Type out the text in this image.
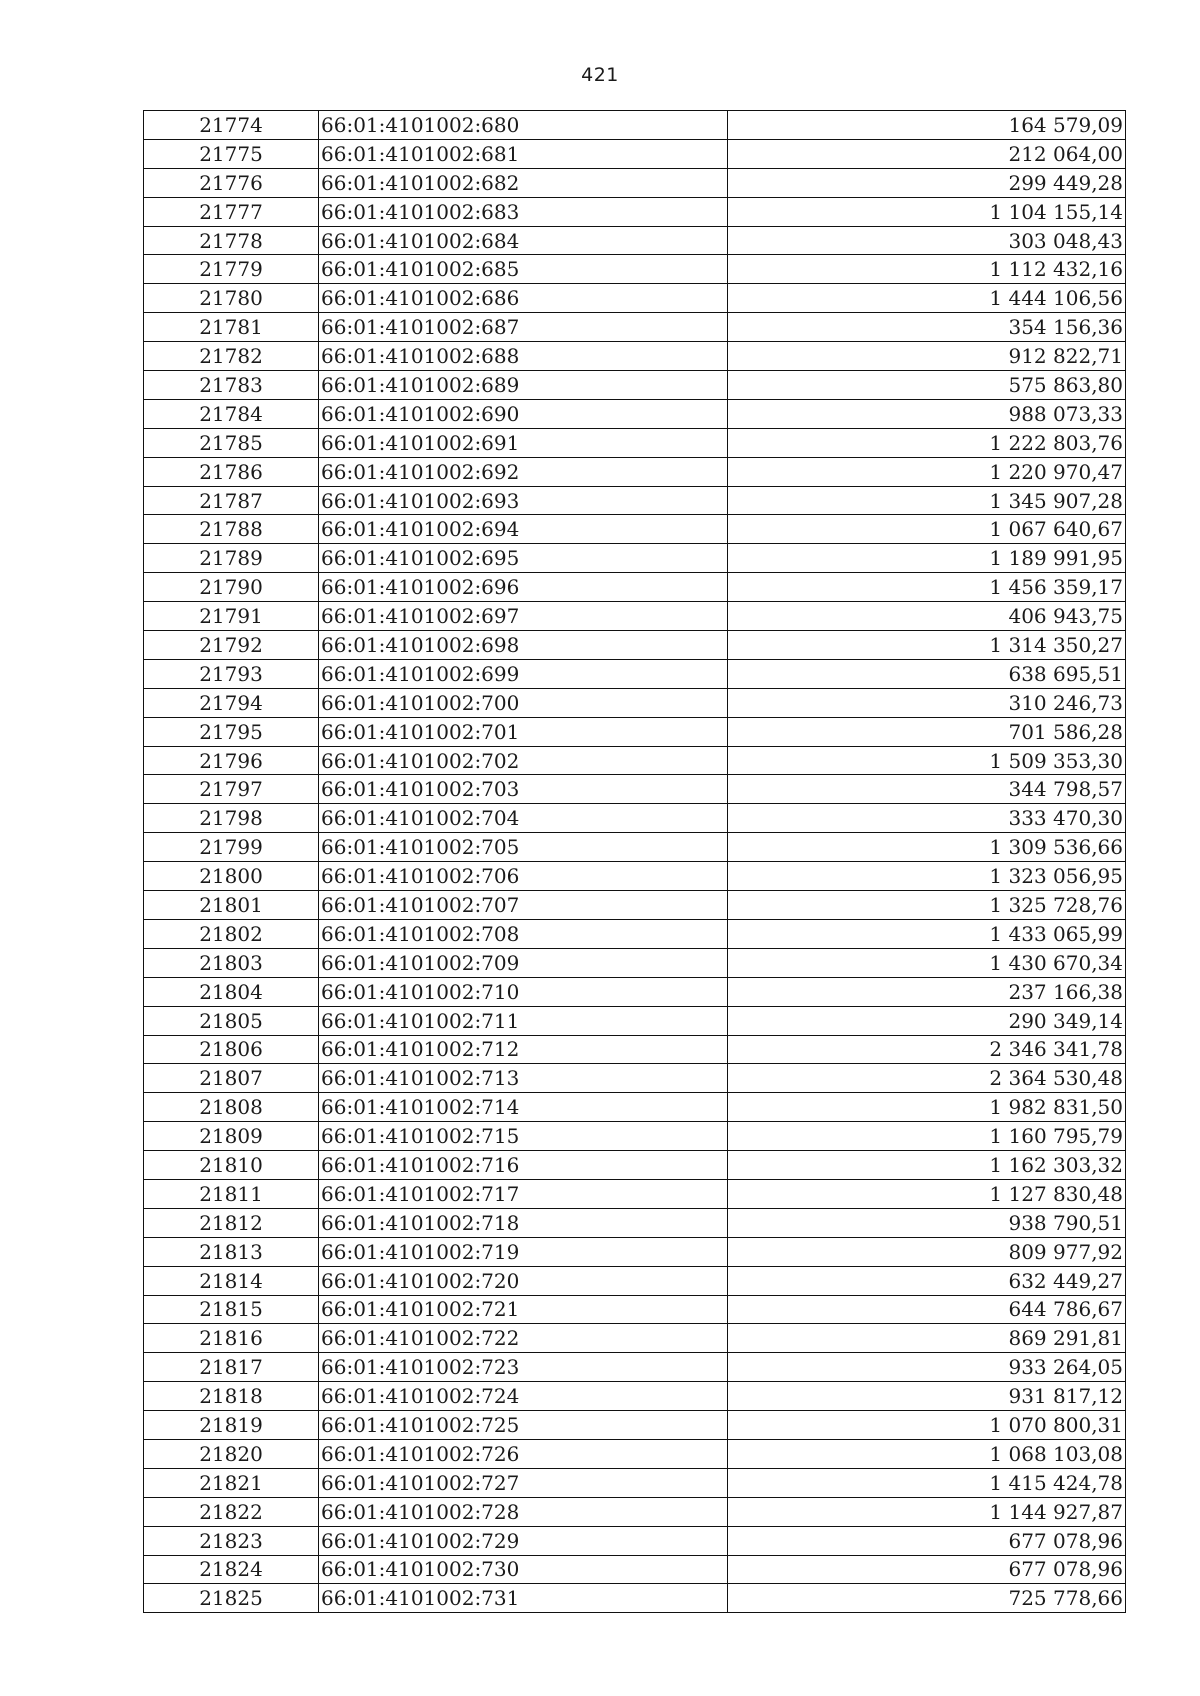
421
21774	66:01:4101002:680	164 579,09
21775	66:01:4101002:681	212 064,00
21776	66:01:4101002:682	299 449,28
21777	66:01:4101002:683	1 104 155,14
21778	66:01:4101002:684	303 048,43
21779	66:01:4101002:685	1 112 432,16
21780	66:01:4101002:686	1 444 106,56
21781	66:01:4101002:687	354 156,36
21782	66:01:4101002:688	912 822,71
21783	66:01:4101002:689	575 863,80
21784	66:01:4101002:690	988 073,33
21785	66:01:4101002:691	1 222 803,76
21786	66:01:4101002:692	1 220 970,47
21787	66:01:4101002:693	1 345 907,28
21788	66:01:4101002:694	1 067 640,67
21789	66:01:4101002:695	1 189 991,95
21790	66:01:4101002:696	1 456 359,17
21791	66:01:4101002:697	406 943,75
21792	66:01:4101002:698	1 314 350,27
21793	66:01:4101002:699	638 695,51
21794	66:01:4101002:700	310 246,73
21795	66:01:4101002:701	701 586,28
21796	66:01:4101002:702	1 509 353,30
21797	66:01:4101002:703	344 798,57
21798	66:01:4101002:704	333 470,30
21799	66:01:4101002:705	1 309 536,66
21800	66:01:4101002:706	1 323 056,95
21801	66:01:4101002:707	1 325 728,76
21802	66:01:4101002:708	1 433 065,99
21803	66:01:4101002:709	1 430 670,34
21804	66:01:4101002:710	237 166,38
21805	66:01:4101002:711	290 349,14
21806	66:01:4101002:712	2 346 341,78
21807	66:01:4101002:713	2 364 530,48
21808	66:01:4101002:714	1 982 831,50
21809	66:01:4101002:715	1 160 795,79
21810	66:01:4101002:716	1 162 303,32
21811	66:01:4101002:717	1 127 830,48
21812	66:01:4101002:718	938 790,51
21813	66:01:4101002:719	809 977,92
21814	66:01:4101002:720	632 449,27
21815	66:01:4101002:721	644 786,67
21816	66:01:4101002:722	869 291,81
21817	66:01:4101002:723	933 264,05
21818	66:01:4101002:724	931 817,12
21819	66:01:4101002:725	1 070 800,31
21820	66:01:4101002:726	1 068 103,08
21821	66:01:4101002:727	1 415 424,78
21822	66:01:4101002:728	1 144 927,87
21823	66:01:4101002:729	677 078,96
21824	66:01:4101002:730	677 078,96
21825	66:01:4101002:731	725 778,66
